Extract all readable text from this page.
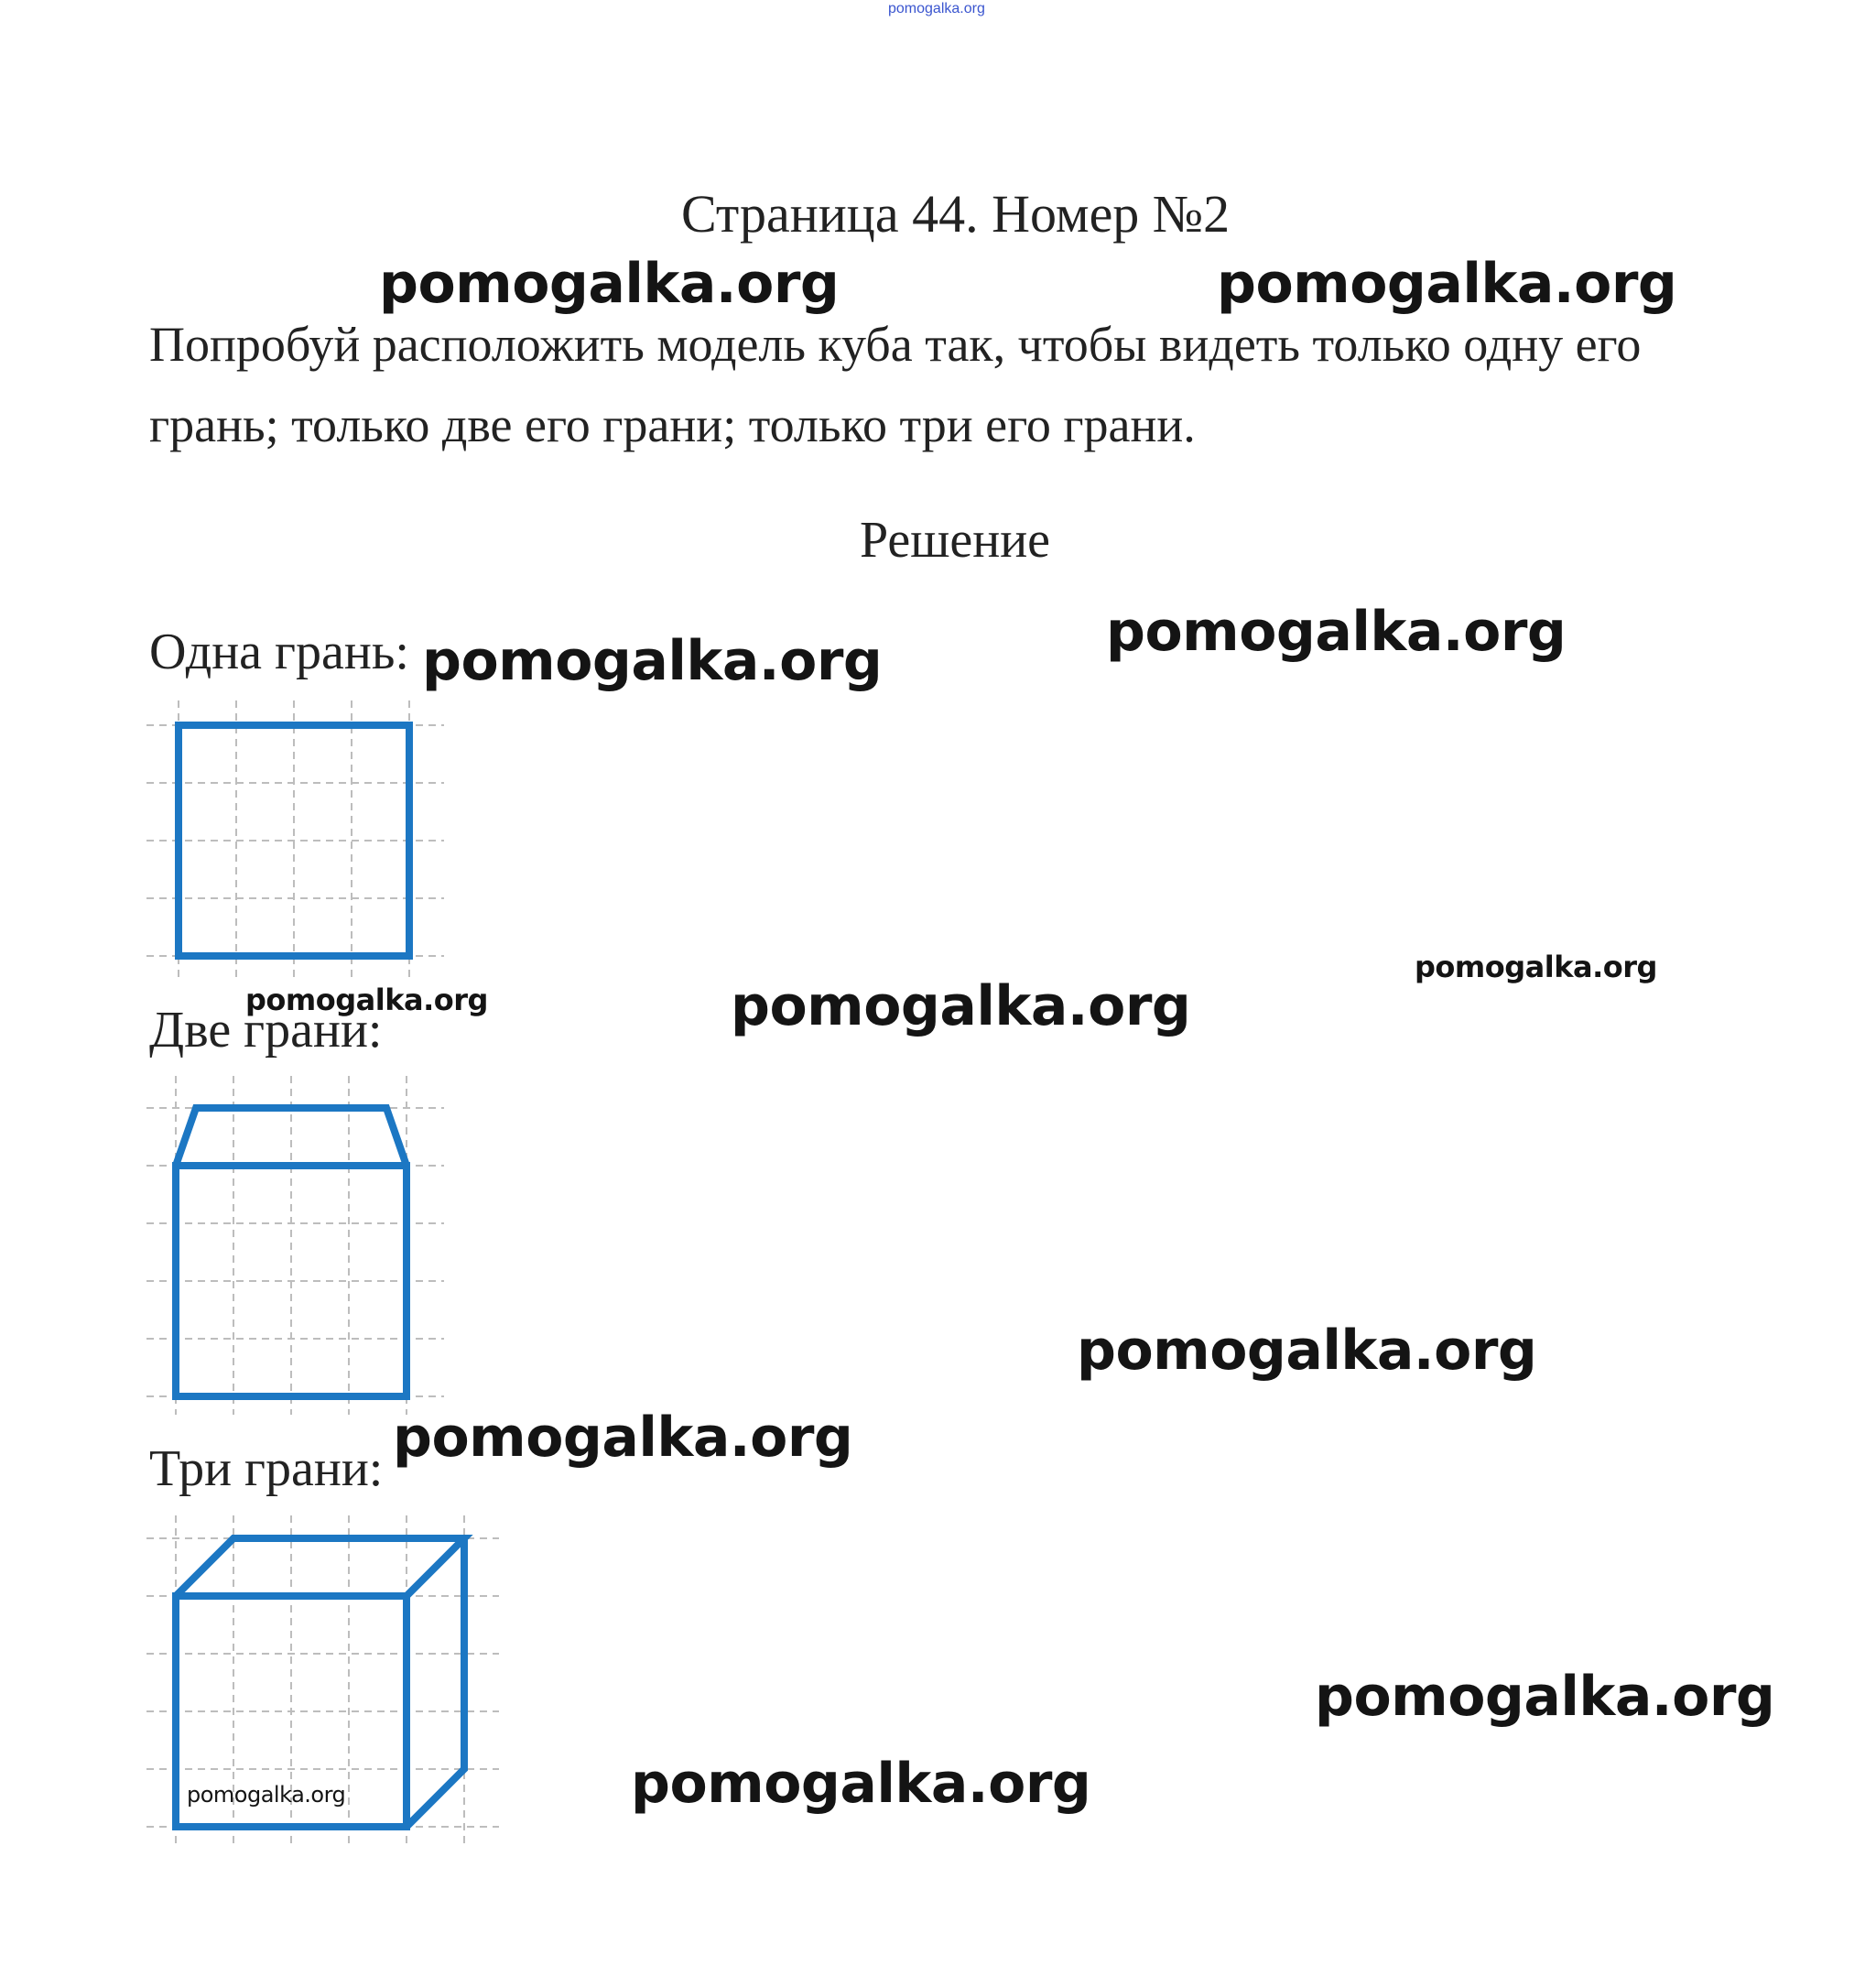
pomogalka.org
Страница 44. Номер №2
Попробуй расположить модель куба так, чтобы видеть только одну его грань; только две его грани; только три его грани.
Решение
Одна грань:
Две грани:
Три грани:
pomogalka.org	pomogalka.org
pomogalka.org
pomogalka.org
pomogalka.org
pomogalka.org	pomogalka.org
pomogalka.org
pomogalka.org
pomogalka.org
pomogalka.org
pomogalka.org
